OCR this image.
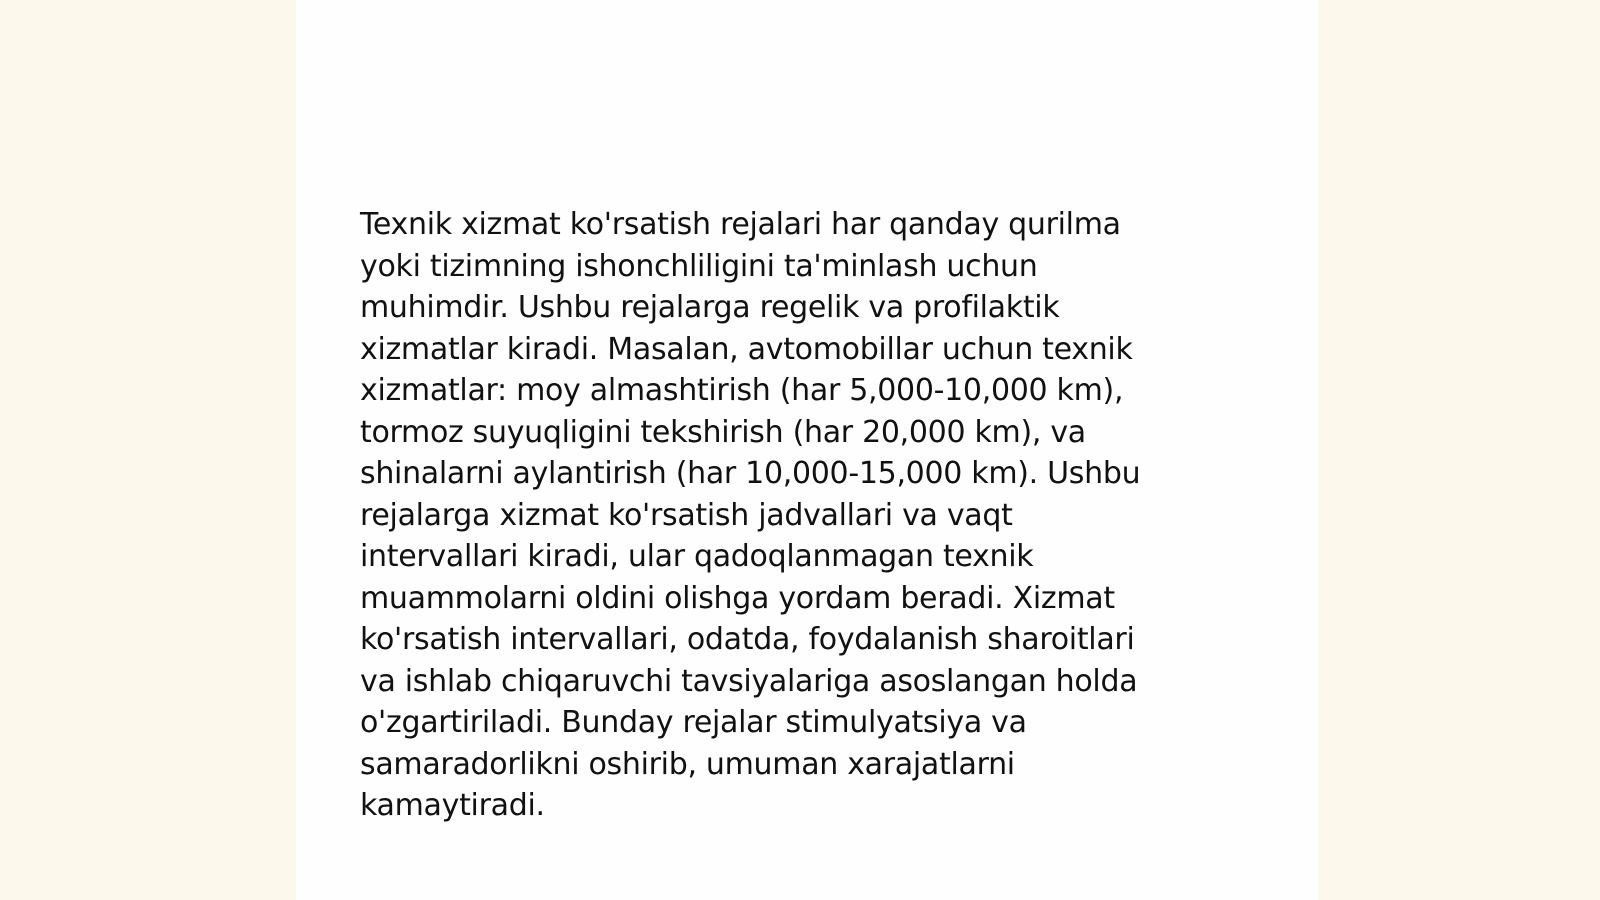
Texnik xizmat ko'rsatish rejalari har qanday qurilma
yoki tizimning ishonchliligini ta'minlash uchun
muhimdir. Ushbu rejalarga regelik va profilaktik
xizmatlar kiradi. Masalan, avtomobillar uchun texnik
xizmatlar: moy almashtirish (har 5,000-10,000 km),
tormoz suyuqligini tekshirish (har 20,000 km), va
shinalarni aylantirish (har 10,000-15,000 km). Ushbu
rejalarga xizmat ko'rsatish jadvallari va vaqt
intervallari kiradi, ular qadoqlanmagan texnik
muammolarni oldini olishga yordam beradi. Xizmat
ko'rsatish intervallari, odatda, foydalanish sharoitlari
va ishlab chiqaruvchi tavsiyalariga asoslangan holda
o'zgartiriladi. Bunday rejalar stimulyatsiya va
samaradorlikni oshirib, umuman xarajatlarni
kamaytiradi.
